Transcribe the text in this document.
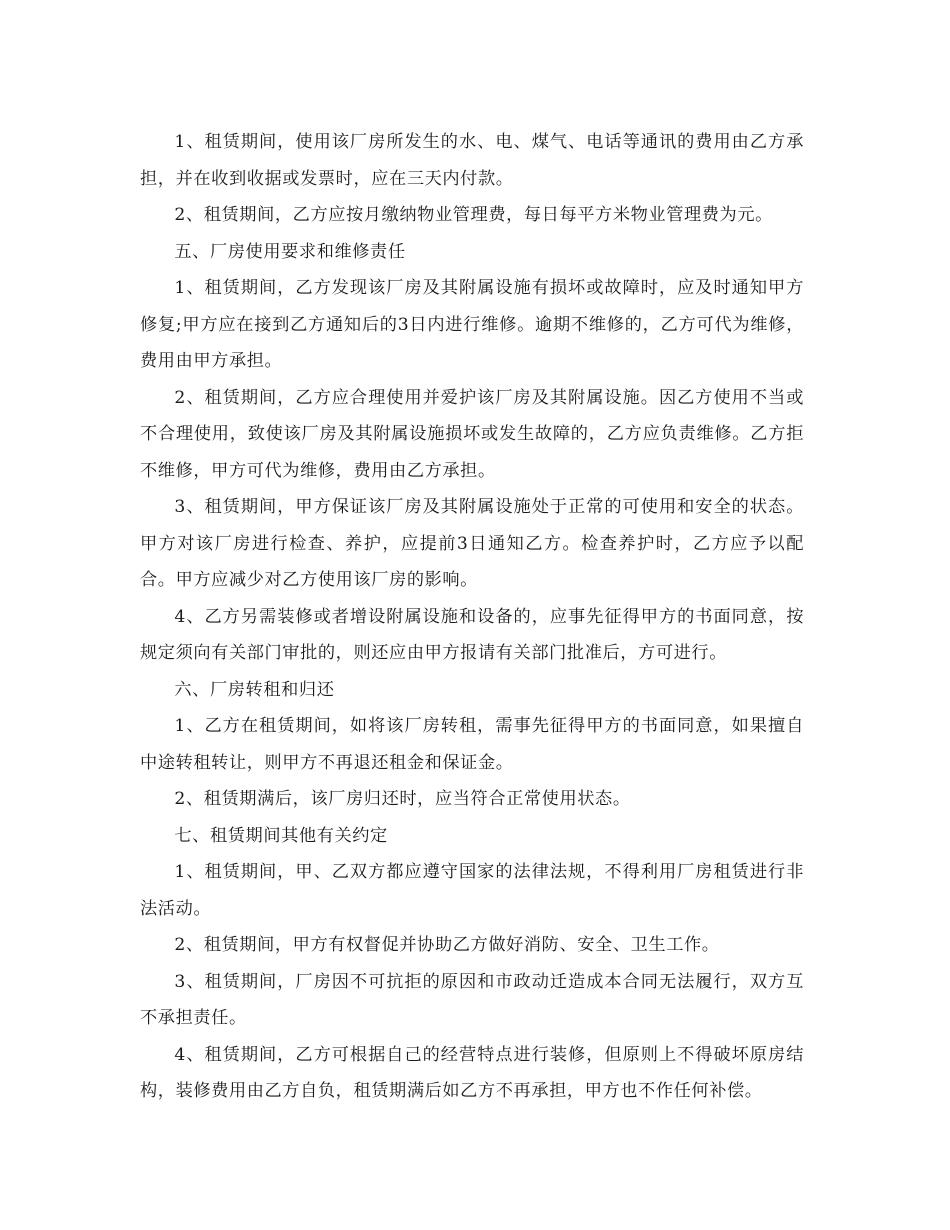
1、租赁期间，使用该厂房所发生的水、电、煤气、电话等通讯的费用由乙方承担，并在收到收据或发票时，应在三天内付款。

2、租赁期间，乙方应按月缴纳物业管理费，每日每平方米物业管理费为元。

五、厂房使用要求和维修责任

1、租赁期间，乙方发现该厂房及其附属设施有损坏或故障时，应及时通知甲方修复;甲方应在接到乙方通知后的3日内进行维修。逾期不维修的，乙方可代为维修，费用由甲方承担。

2、租赁期间，乙方应合理使用并爱护该厂房及其附属设施。因乙方使用不当或不合理使用，致使该厂房及其附属设施损坏或发生故障的，乙方应负责维修。乙方拒不维修，甲方可代为维修，费用由乙方承担。

3、租赁期间，甲方保证该厂房及其附属设施处于正常的可使用和安全的状态。甲方对该厂房进行检查、养护，应提前3日通知乙方。检查养护时，乙方应予以配合。甲方应减少对乙方使用该厂房的影响。

4、乙方另需装修或者增设附属设施和设备的，应事先征得甲方的书面同意，按规定须向有关部门审批的，则还应由甲方报请有关部门批准后，方可进行。

六、厂房转租和归还

1、乙方在租赁期间，如将该厂房转租，需事先征得甲方的书面同意，如果擅自中途转租转让，则甲方不再退还租金和保证金。

2、租赁期满后，该厂房归还时，应当符合正常使用状态。

七、租赁期间其他有关约定

1、租赁期间，甲、乙双方都应遵守国家的法律法规，不得利用厂房租赁进行非法活动。

2、租赁期间，甲方有权督促并协助乙方做好消防、安全、卫生工作。

3、租赁期间，厂房因不可抗拒的原因和市政动迁造成本合同无法履行，双方互不承担责任。

4、租赁期间，乙方可根据自己的经营特点进行装修，但原则上不得破坏原房结构，装修费用由乙方自负，租赁期满后如乙方不再承担，甲方也不作任何补偿。
